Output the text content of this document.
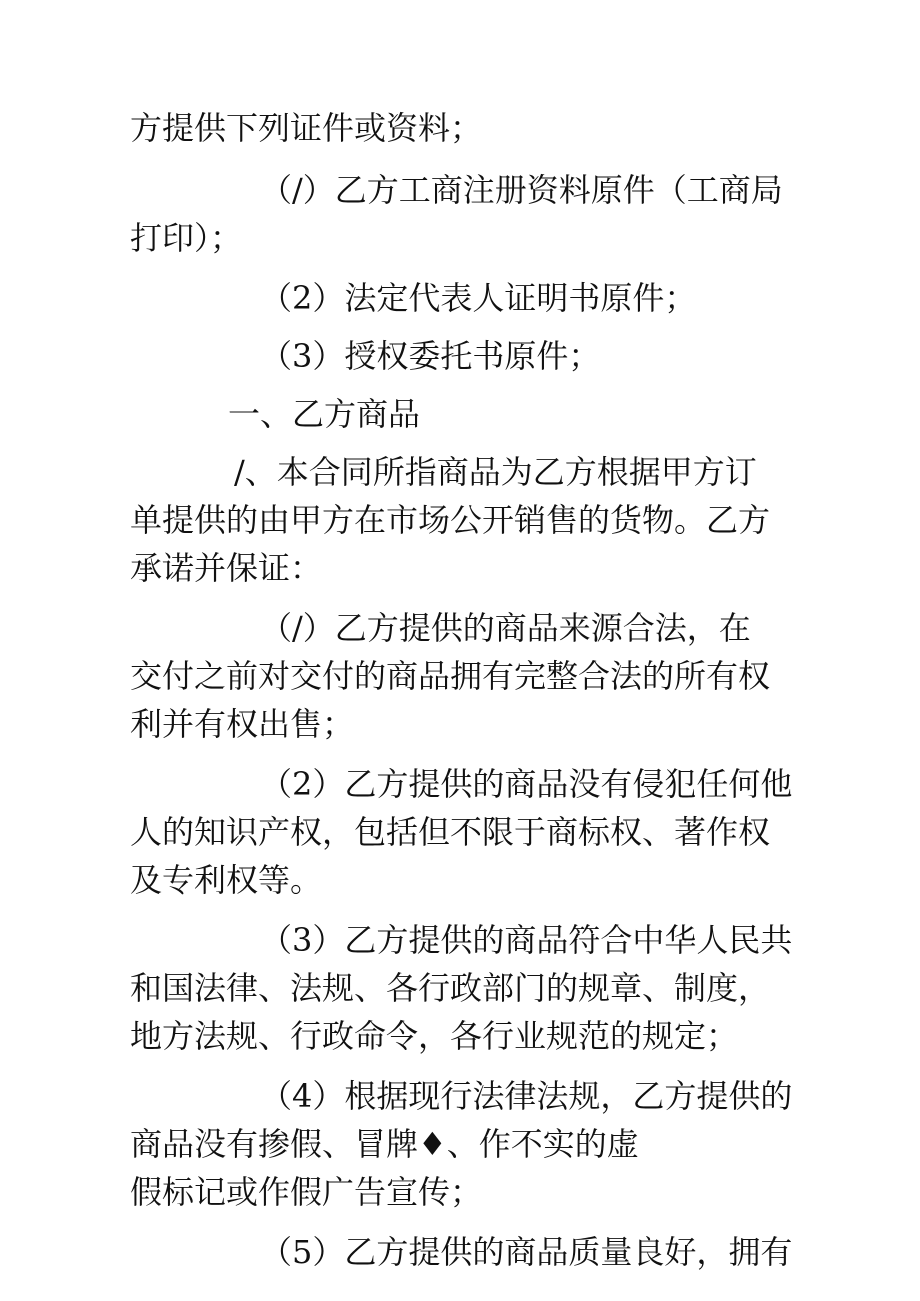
方提供下列证件或资料；
（/）乙方工商注册资料原件（工商局
打印）；
（2）法定代表人证明书原件；
（3）授权委托书原件；
一、乙方商品
/、本合同所指商品为乙方根据甲方订
单提供的由甲方在市场公开销售的货物。乙方
承诺并保证：
（/）乙方提供的商品来源合法，在
交付之前对交付的商品拥有完整合法的所有权
利并有权出售；
（2）乙方提供的商品没有侵犯任何他
人的知识产权，包括但不限于商标权、著作权
及专利权等。
（3）乙方提供的商品符合中华人民共
和国法律、法规、各行政部门的规章、制度，
地方法规、行政命令，各行业规范的规定；
（4）根据现行法律法规，乙方提供的
商品没有掺假、冒牌♦、作不实的虚
假标记或作假广告宣传；
（5）乙方提供的商品质量良好，拥有
